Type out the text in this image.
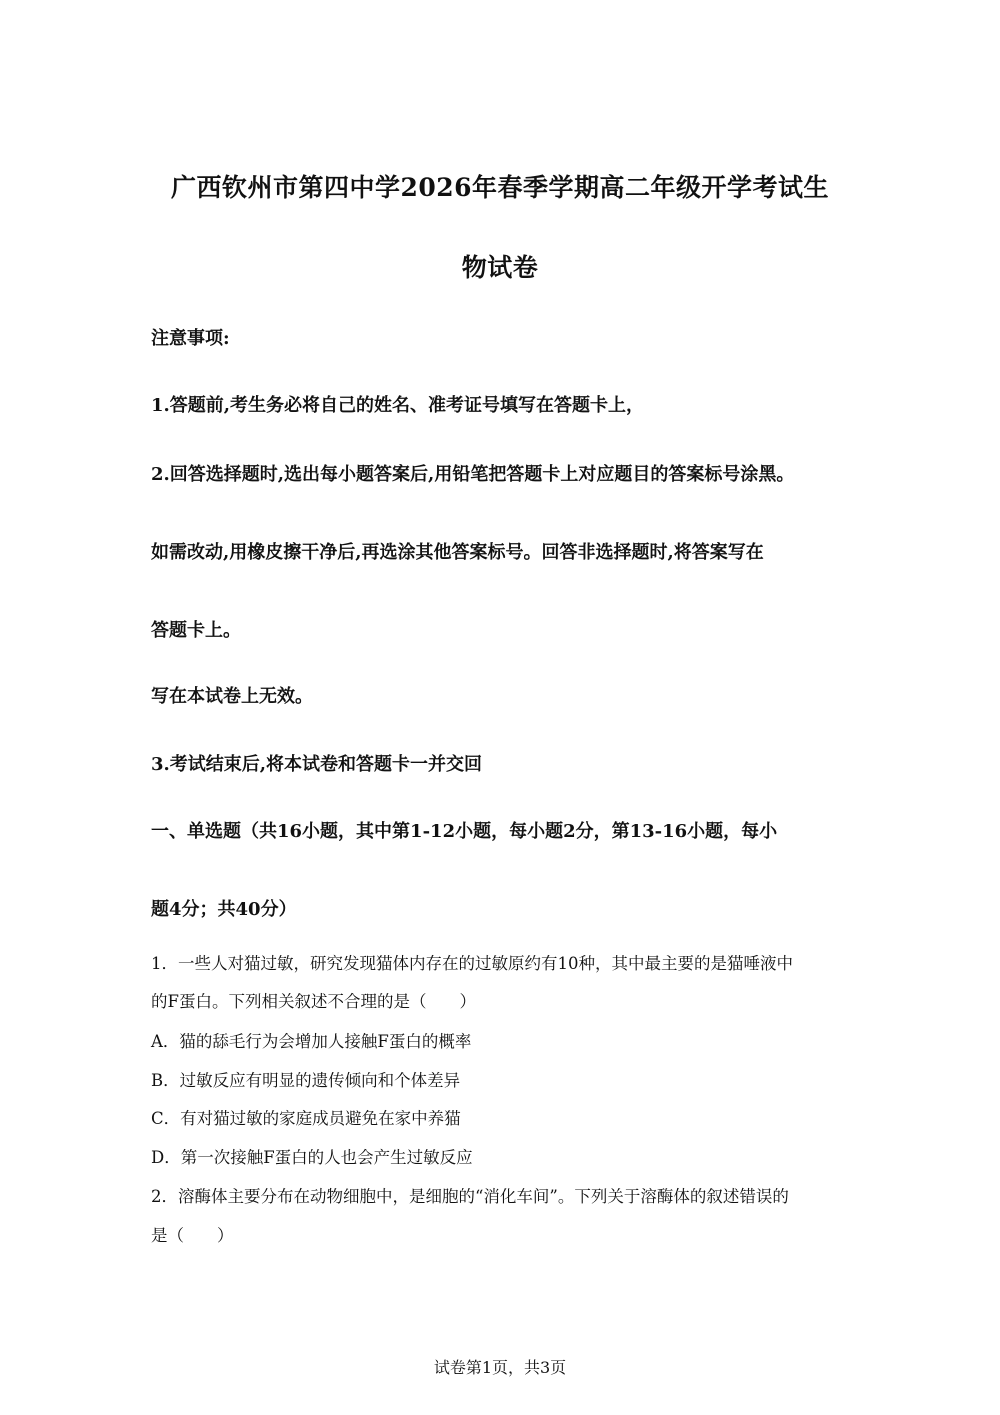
广西钦州市第四中学2026年春季学期高二年级开学考试生
物试卷
注意事项:
1.答题前,考生务必将自己的姓名、准考证号填写在答题卡上，
2.回答选择题时,选出每小题答案后,用铅笔把答题卡上对应题目的答案标号涂黑。
如需改动,用橡皮擦干净后,再选涂其他答案标号。回答非选择题时,将答案写在
答题卡上。
写在本试卷上无效。
3.考试结束后,将本试卷和答题卡一并交回
一、单选题（共16小题，其中第1-12小题，每小题2分，第13-16小题，每小
题4分；共40分）
1．一些人对猫过敏，研究发现猫体内存在的过敏原约有10种，其中最主要的是猫唾液中
的F蛋白。下列相关叙述不合理的是（　　）
A．猫的舔毛行为会增加人接触F蛋白的概率
B．过敏反应有明显的遗传倾向和个体差异
C．有对猫过敏的家庭成员避免在家中养猫
D．第一次接触F蛋白的人也会产生过敏反应
2．溶酶体主要分布在动物细胞中，是细胞的“消化车间”。下列关于溶酶体的叙述错误的
是（　　）
试卷第1页，共3页
